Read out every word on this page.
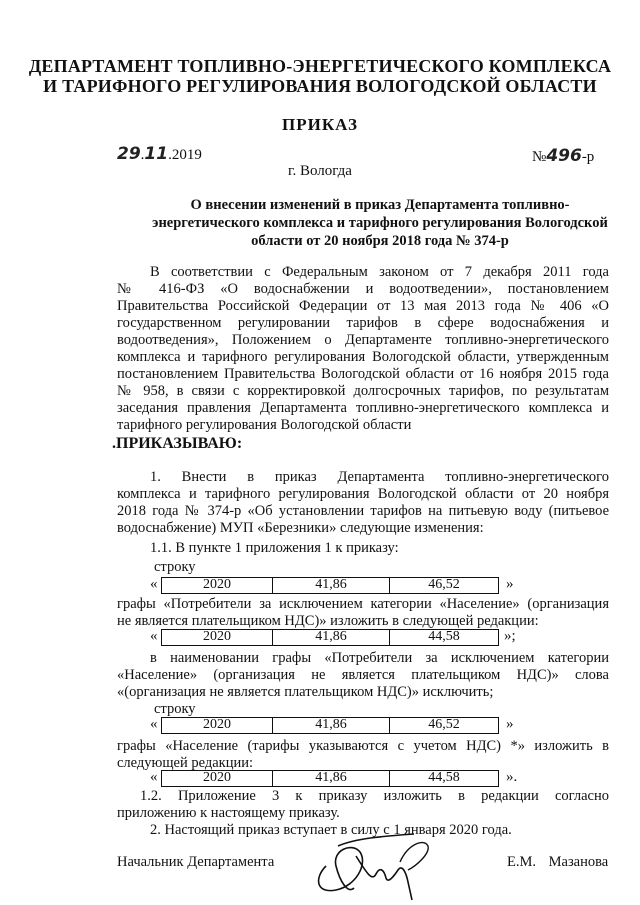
ДЕПАРТАМЕНТ ТОПЛИВНО-ЭНЕРГЕТИЧЕСКОГО КОМПЛЕКСА
И ТАРИФНОГО РЕГУЛИРОВАНИЯ ВОЛОГОДСКОЙ ОБЛАСТИ
ПРИКАЗ
29.11.2019	№496-р
г. Вологда
О внесении изменений в приказ Департамента топливно-
энергетического комплекса и тарифного регулирования Вологодской
области от 20 ноября 2018 года № 374-р
В соответствии с Федеральным законом от 7 декабря 2011 года
№ 416-ФЗ «О водоснабжении и водоотведении», постановлением
Правительства Российской Федерации от 13 мая 2013 года № 406 «О
государственном регулировании тарифов в сфере водоснабжения и
водоотведения», Положением о Департаменте топливно-энергетического
комплекса и тарифного регулирования Вологодской области, утвержденным
постановлением Правительства Вологодской области от 16 ноября 2015 года
№ 958, в связи с корректировкой долгосрочных тарифов, по результатам
заседания правления Департамента топливно-энергетического комплекса и
тарифного регулирования Вологодской области
.ПРИКАЗЫВАЮ:
1. Внести в приказ Департамента топливно-энергетического
комплекса и тарифного регулирования Вологодской области от 20 ноября
2018 года № 374-р «Об установлении тарифов на питьевую воду (питьевое
водоснабжение) МУП «Березники» следующие изменения:
1.1. В пункте 1 приложения 1 к приказу:
строку
«	2020	41,86	46,52	»
графы «Потребители за исключением категории «Население» (организация
не является плательщиком НДС)» изложить в следующей редакции:
«	2020	41,86	44,58	»;
в наименовании графы «Потребители за исключением категории
«Население» (организация не является плательщиком НДС)» слова
«(организация не является плательщиком НДС)» исключить;
строку
«	2020	41,86	46,52	»
графы «Население (тарифы указываются с учетом НДС) *» изложить в
следующей редакции:
«	2020	41,86	44,58	».
1.2. Приложение 3 к приказу изложить в редакции согласно
приложению к настоящему приказу.
2. Настоящий приказ вступает в силу с 1 января 2020 года.
Начальник Департамента	Е.М. Мазанова
